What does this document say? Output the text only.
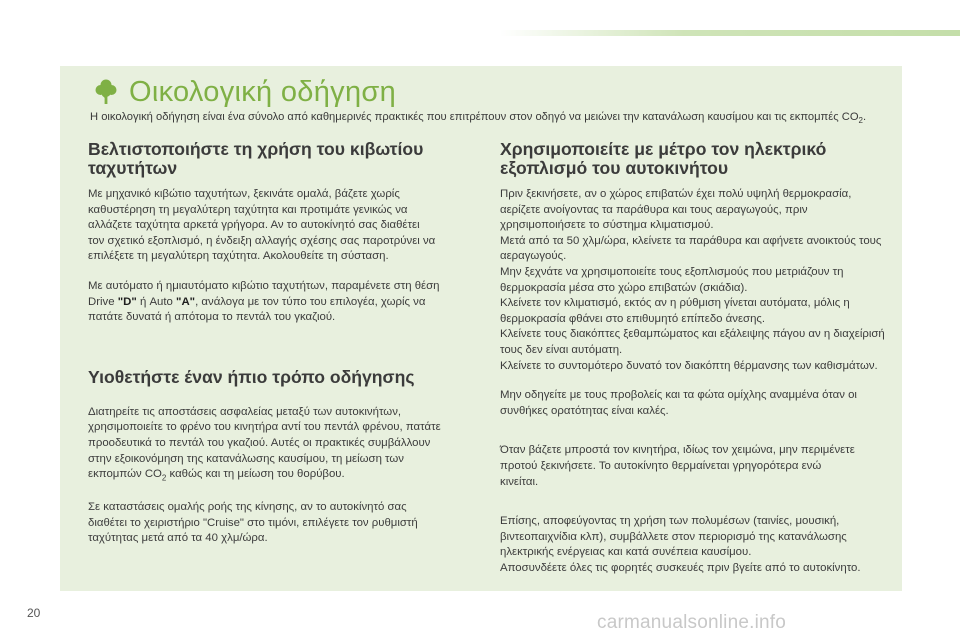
Οικολογική οδήγηση
Η οικολογική οδήγηση είναι ένα σύνολο από καθημερινές πρακτικές που επιτρέπουν στον οδηγό να μειώνει την κατανάλωση καυσίμου και τις εκπομπές $CO_2$.
Βελτιστοποιήστε τη χρήση του κιβωτίου
ταχυτήτων

Με μηχανικό κιβώτιο ταχυτήτων, ξεκινάτε ομαλά, βάζετε χωρίς
καθυστέρηση τη μεγαλύτερη ταχύτητα και προτιμάτε γενικώς να
αλλάζετε ταχύτητα αρκετά γρήγορα. Αν το αυτοκίνητό σας διαθέτει
τον σχετικό εξοπλισμό, η ένδειξη αλλαγής σχέσης σας παροτρύνει να
επιλέξετε τη μεγαλύτερη ταχύτητα. Ακολουθείτε τη σύσταση.

Με αυτόματο ή ημιαυτόματο κιβώτιο ταχυτήτων, παραμένετε στη θέση
Drive "D" ή Auto "A", ανάλογα με τον τύπο του επιλογέα, χωρίς να
πατάτε δυνατά ή απότομα το πεντάλ του γκαζιού.

Υιοθετήστε έναν ήπιο τρόπο οδήγησης

Διατηρείτε τις αποστάσεις ασφαλείας μεταξύ των αυτοκινήτων,
χρησιμοποιείτε το φρένο του κινητήρα αντί του πεντάλ φρένου, πατάτε
προοδευτικά το πεντάλ του γκαζιού. Αυτές οι πρακτικές συμβάλλουν
στην εξοικονόμηση της κατανάλωσης καυσίμου, τη μείωση των
εκπομπών $CO_2$ καθώς και τη μείωση του θορύβου.

Σε καταστάσεις ομαλής ροής της κίνησης, αν το αυτοκίνητό σας
διαθέτει το χειριστήριο "Cruise" στο τιμόνι, επιλέγετε τον ρυθμιστή
ταχύτητας μετά από τα 40 χλμ/ώρα.

Χρησιμοποιείτε με μέτρο τον ηλεκτρικό
εξοπλισμό του αυτοκινήτου

Πριν ξεκινήσετε, αν ο χώρος επιβατών έχει πολύ υψηλή θερμοκρασία,
αερίζετε ανοίγοντας τα παράθυρα και τους αεραγωγούς, πριν
χρησιμοποιήσετε το σύστημα κλιματισμού.
Μετά από τα 50 χλμ/ώρα, κλείνετε τα παράθυρα και αφήνετε ανοικτούς τους
αεραγωγούς.
Μην ξεχνάτε να χρησιμοποιείτε τους εξοπλισμούς που μετριάζουν τη
θερμοκρασία μέσα στο χώρο επιβατών (σκιάδια).
Κλείνετε τον κλιματισμό, εκτός αν η ρύθμιση γίνεται αυτόματα, μόλις η
θερμοκρασία φθάνει στο επιθυμητό επίπεδο άνεσης.
Κλείνετε τους διακόπτες ξεθαμπώματος και εξάλειψης πάγου αν η διαχείρισή
τους δεν είναι αυτόματη.
Κλείνετε το συντομότερο δυνατό τον διακόπτη θέρμανσης των καθισμάτων.

Μην οδηγείτε με τους προβολείς και τα φώτα ομίχλης αναμμένα όταν οι
συνθήκες ορατότητας είναι καλές.

Όταν βάζετε μπροστά τον κινητήρα, ιδίως τον χειμώνα, μην περιμένετε
προτού ξεκινήσετε. Το αυτοκίνητο θερμαίνεται γρηγορότερα ενώ
κινείται.

Επίσης, αποφεύγοντας τη χρήση των πολυμέσων (ταινίες, μουσική,
βιντεοπαιχνίδια κλπ), συμβάλλετε στον περιορισμό της κατανάλωσης
ηλεκτρικής ενέργειας και κατά συνέπεια καυσίμου.
Αποσυνδέετε όλες τις φορητές συσκευές πριν βγείτε από το αυτοκίνητο.

20	carmanualsonline.info
